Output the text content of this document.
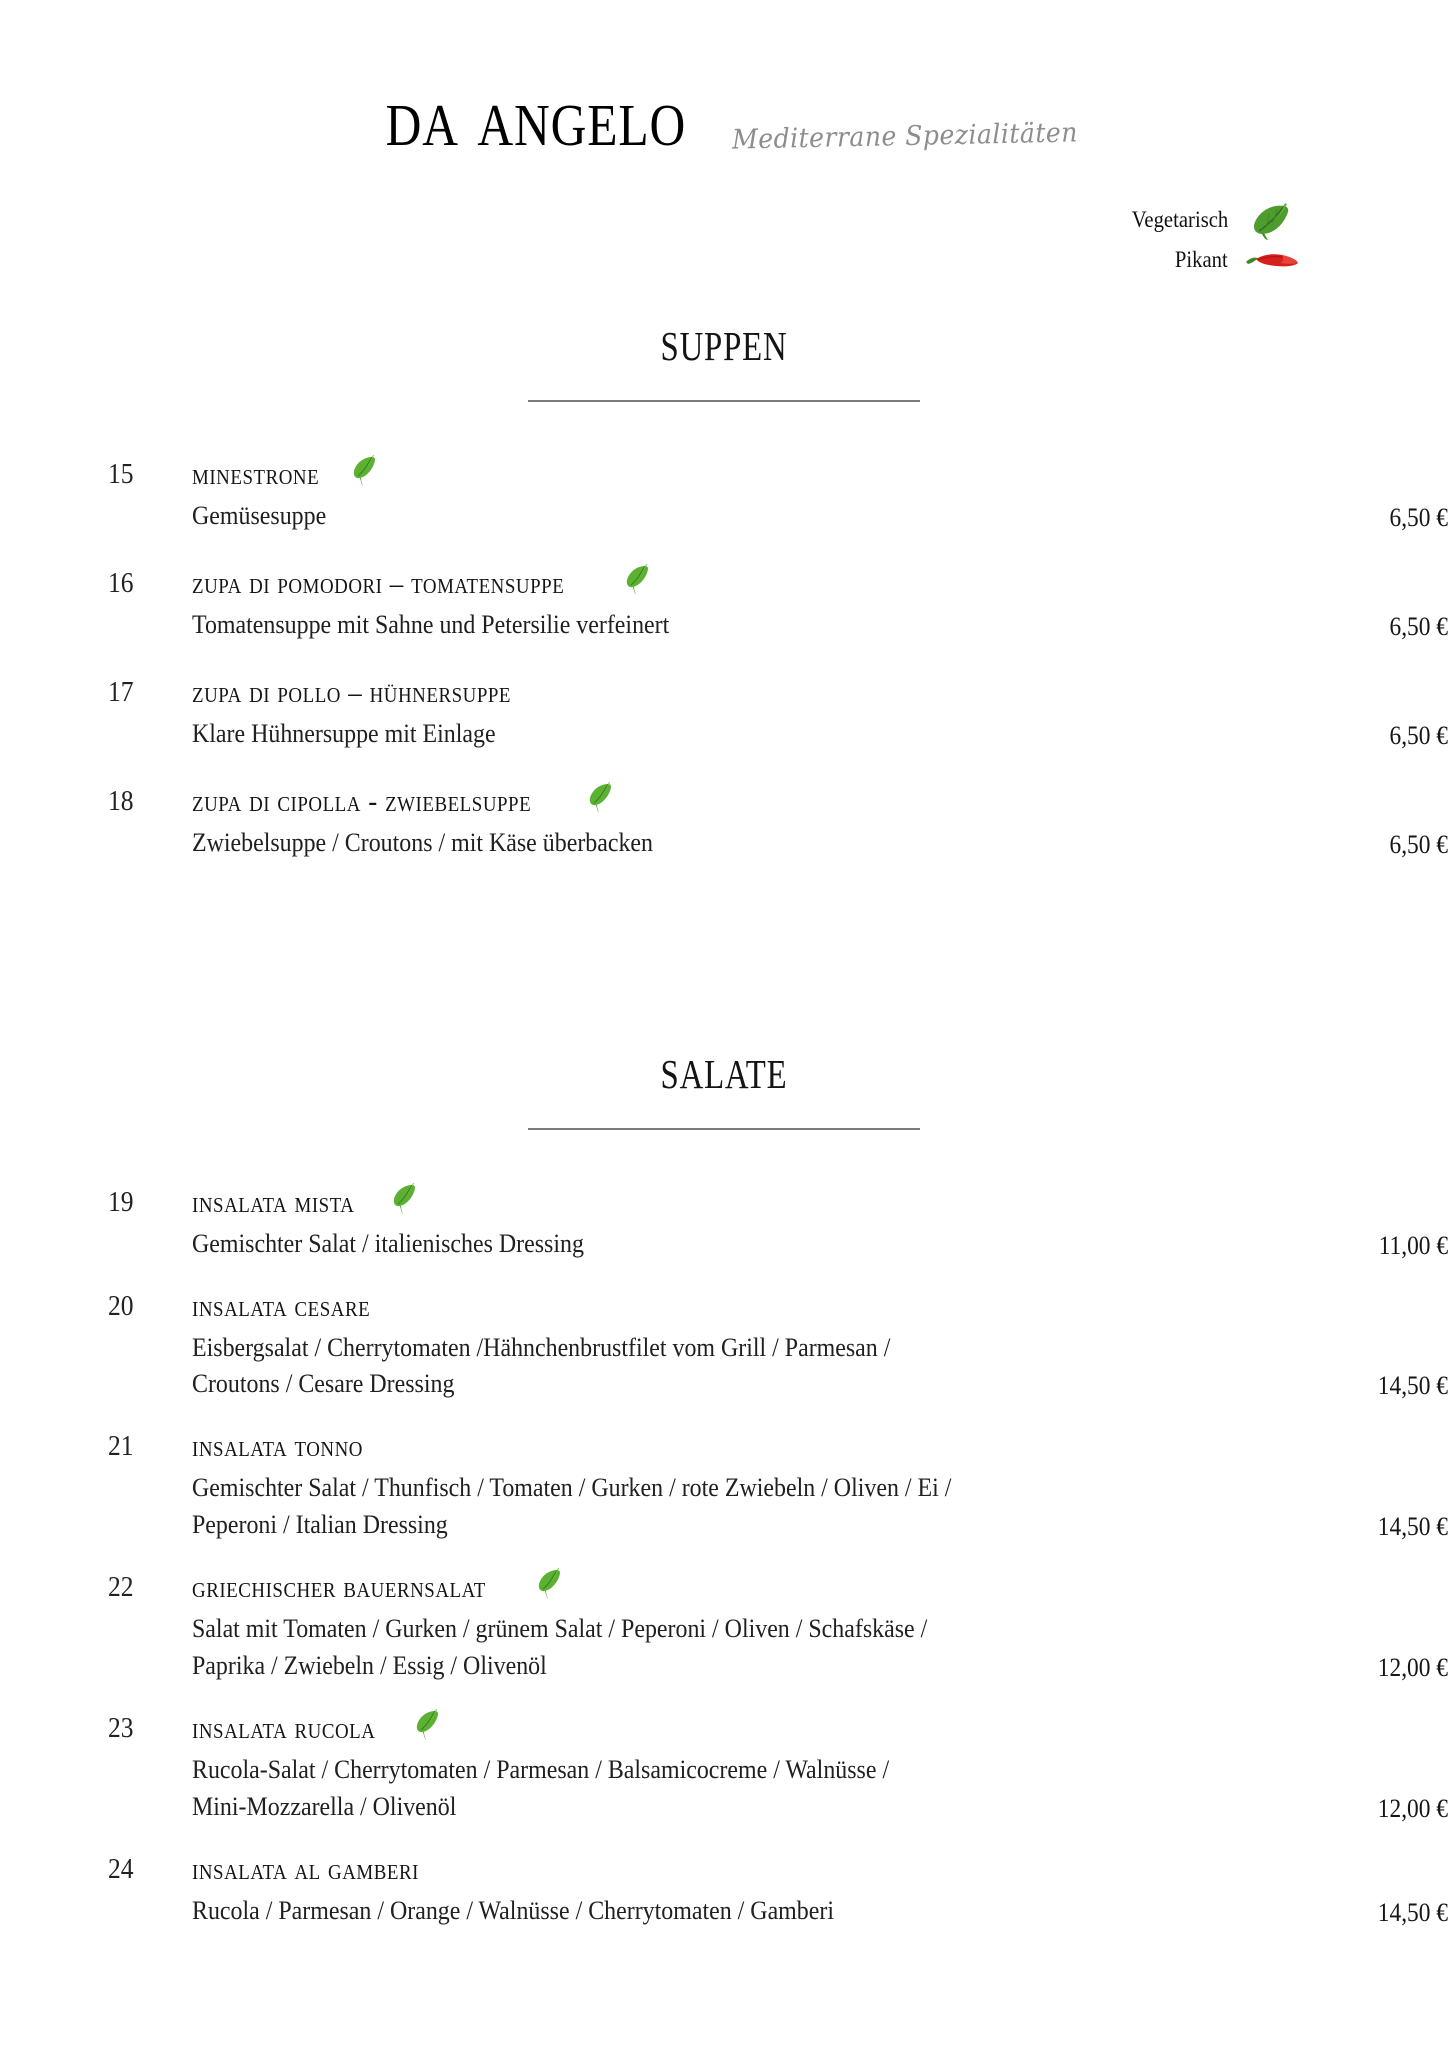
da angelo Mediterrane Spezialitäten
Vegetarisch
Pikant
suppen
15	minestrone
Gemüsesuppe	6,50 €
16	zupa di pomodori – tomatensuppe
Tomatensuppe mit Sahne und Petersilie verfeinert	6,50 €
17	zupa di pollo – hühnersuppe
Klare Hühnersuppe mit Einlage	6,50 €
18	zupa di cipolla - zwiebelsuppe
Zwiebelsuppe / Croutons / mit Käse überbacken	6,50 €
salate
19	insalata mista
Gemischter Salat / italienisches Dressing	11,00 €
20	insalata cesare
Eisbergsalat / Cherrytomaten /Hähnchenbrustfilet vom Grill / Parmesan /
Croutons / Cesare Dressing	14,50 €
21	insalata tonno
Gemischter Salat / Thunfisch / Tomaten / Gurken / rote Zwiebeln / Oliven / Ei /
Peperoni / Italian Dressing	14,50 €
22	griechischer bauernsalat
Salat mit Tomaten / Gurken / grünem Salat / Peperoni / Oliven / Schafskäse /
Paprika / Zwiebeln / Essig / Olivenöl	12,00 €
23	insalata rucola
Rucola-Salat / Cherrytomaten / Parmesan / Balsamicocreme / Walnüsse /
Mini-Mozzarella / Olivenöl	12,00 €
24	insalata al gamberi
Rucola / Parmesan / Orange / Walnüsse / Cherrytomaten / Gamberi	14,50 €
